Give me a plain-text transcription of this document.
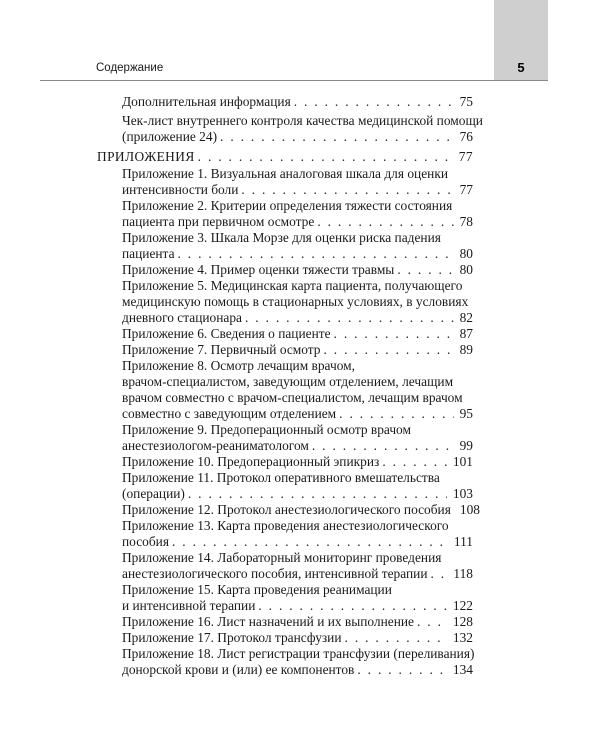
Содержание	5
Дополнительная информация . . .	75
Чек-лист внутреннего контроля качества медицинской помощи
(приложение 24) . . .	76
ПРИЛОЖЕНИЯ . . .	77
Приложение 1. Визуальная аналоговая шкала для оценки
интенсивности боли . . .	77
Приложение 2. Критерии определения тяжести состояния
пациента при первичном осмотре . . .	78
Приложение 3. Шкала Морзе для оценки риска падения
пациента . . .	80
Приложение 4. Пример оценки тяжести травмы . . .	80
Приложение 5. Медицинская карта пациента, получающего
медицинскую помощь в стационарных условиях, в условиях
дневного стационара . . .	82
Приложение 6. Сведения о пациенте . . .	87
Приложение 7. Первичный осмотр . . .	89
Приложение 8. Осмотр лечащим врачом,
врачом-специалистом, заведующим отделением, лечащим
врачом совместно с врачом-специалистом, лечащим врачом
совместно с заведующим отделением . . .	95
Приложение 9. Предоперационный осмотр врачом
анестезиологом-реаниматологом . . .	99
Приложение 10. Предоперационный эпикриз . . .	101
Приложение 11. Протокол оперативного вмешательства
(операции) . . .	103
Приложение 12. Протокол анестезиологического пособия 108
Приложение 13. Карта проведения анестезиологического
пособия . . .	111
Приложение 14. Лабораторный мониторинг проведения
анестезиологического пособия, интенсивной терапии . . . 118
Приложение 15. Карта проведения реанимации
и интенсивной терапии . . .	122
Приложение 16. Лист назначений и их выполнение . . .	128
Приложение 17. Протокол трансфузии . . .	132
Приложение 18. Лист регистрации трансфузии (переливания)
донорской крови и (или) ее компонентов . . .	134
